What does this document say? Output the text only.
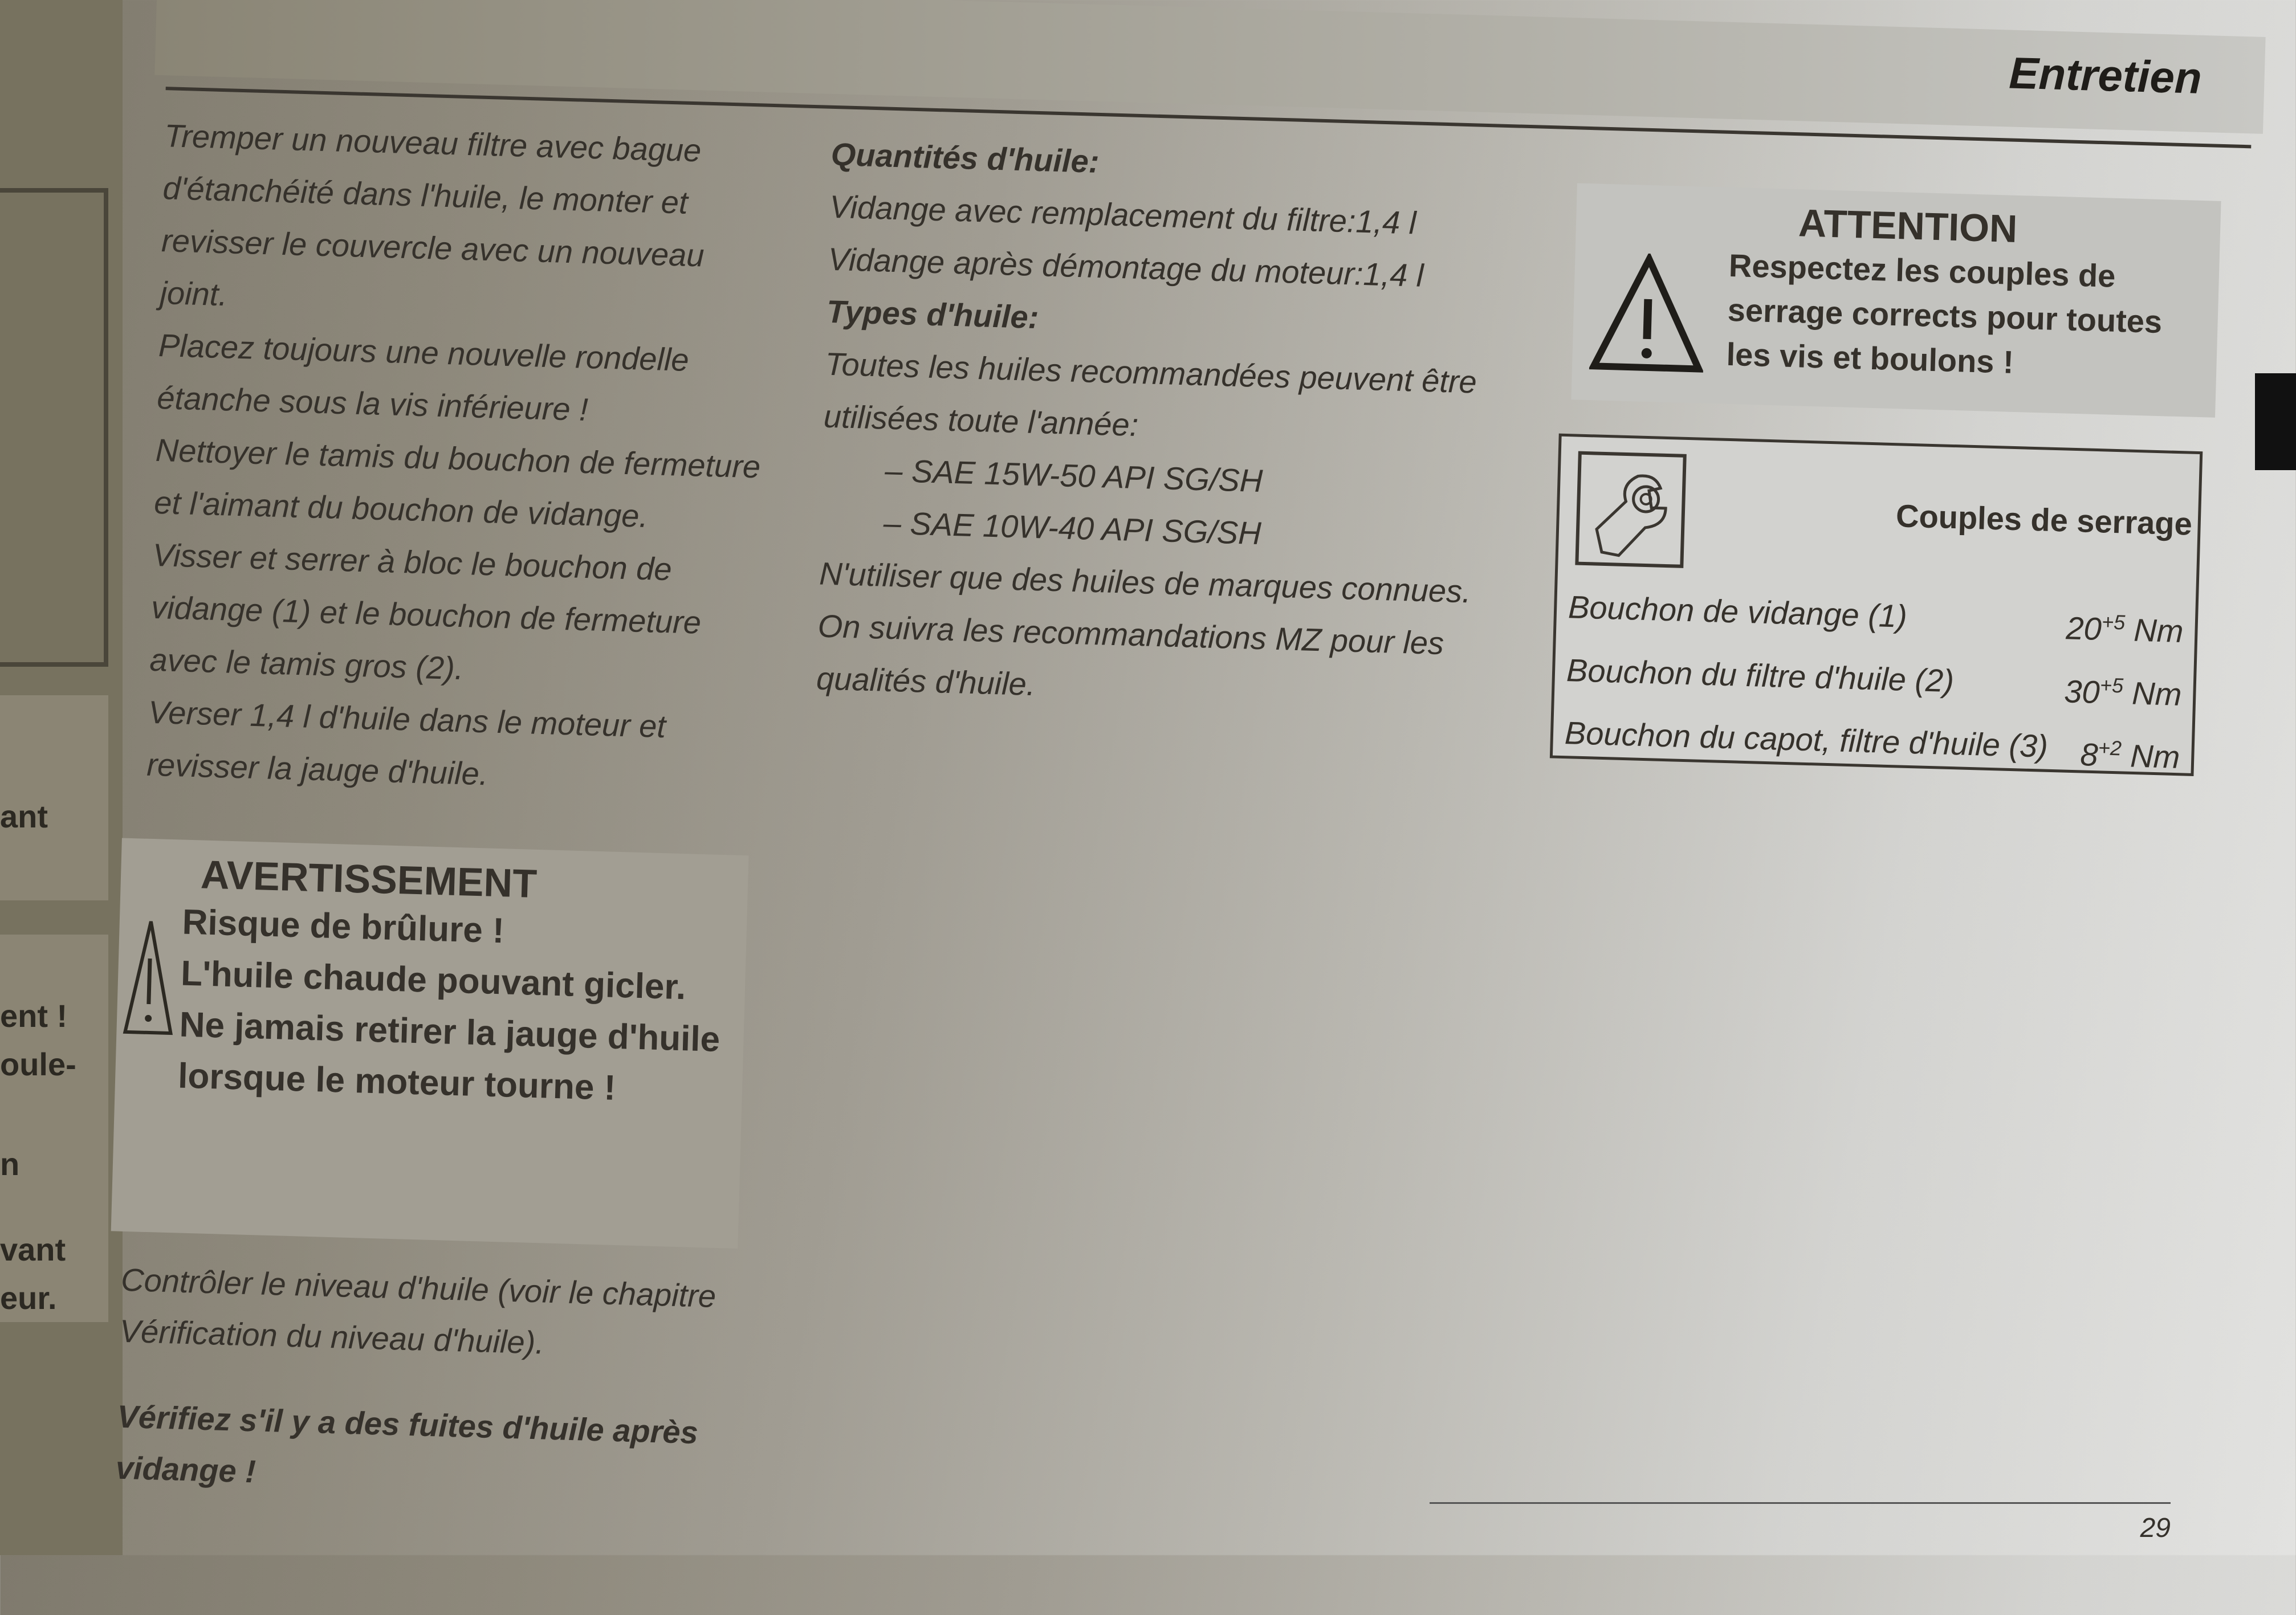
ant
ent !
oule-
n
vant
eur.
Entretien
Tremper un nouveau filtre avec bague d'étanchéité dans l'huile, le monter et revisser le couvercle avec un nouveau joint.
Placez toujours une nouvelle rondelle étanche sous la vis inférieure !
Nettoyer le tamis du bouchon de fermeture et l'aimant du bouchon de vidange.
Visser et serrer à bloc le bouchon de vidange (1) et le bouchon de fermeture avec le tamis gros (2).
Verser 1,4 l d'huile dans le moteur et revisser la jauge d'huile.
AVERTISSEMENT
Risque de brûlure !
L'huile chaude pouvant gicler.
Ne jamais retirer la jauge d'huile lorsque le moteur tourne !
Contrôler le niveau d'huile (voir le chapitre Vérification du niveau d'huile).
Vérifiez s'il y a des fuites d'huile après vidange !
Quantités d'huile:
Vidange avec remplacement du filtre:1,4 l
Vidange après démontage du moteur:1,4 l
Types d'huile:
Toutes les huiles recommandées peuvent être utilisées toute l'année:
– SAE 15W-50 API SG/SH
– SAE 10W-40 API SG/SH
N'utiliser que des huiles de marques connues.
On suivra les recommandations MZ pour les qualités d'huile.
ATTENTION
Respectez les couples de serrage corrects pour toutes les vis et boulons !
Couples de serrage
Bouchon de vidange (1)	$20^{+5}$ Nm
Bouchon du filtre d'huile (2)	$30^{+5}$ Nm
Bouchon du capot, filtre d'huile (3) $8^{+2}$ Nm
29
